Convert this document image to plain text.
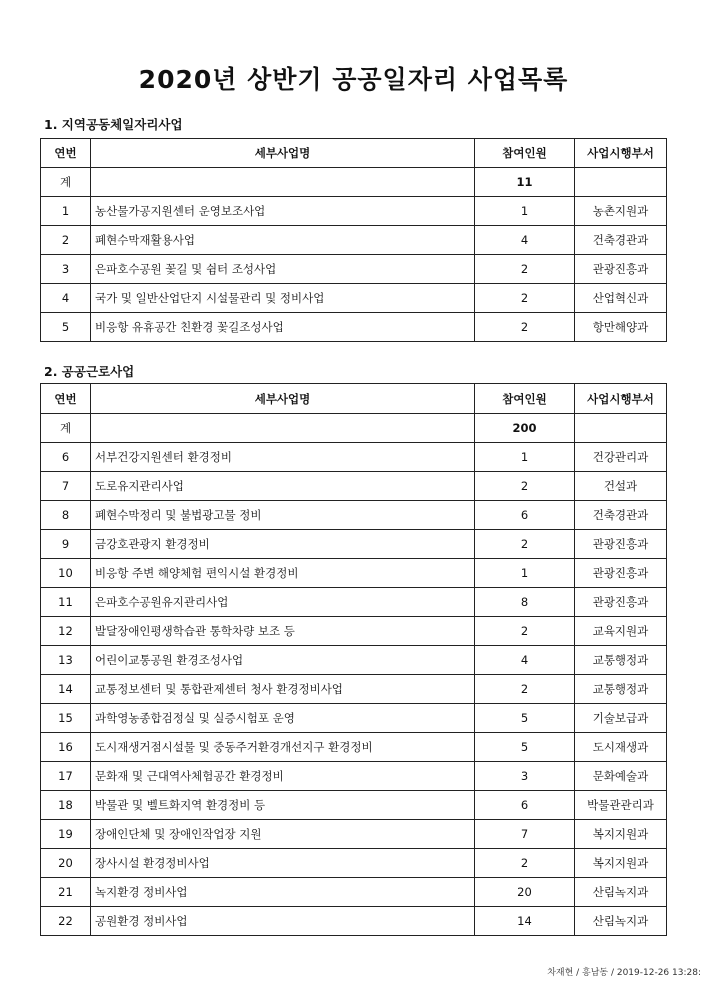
2020년 상반기 공공일자리 사업목록
1. 지역공동체일자리사업
연번	세부사업명	참여인원	사업시행부서
계		11	
1	농산물가공지원센터 운영보조사업	1	농촌지원과
2	폐현수막재활용사업	4	건축경관과
3	은파호수공원 꽃길 및 쉼터 조성사업	2	관광진흥과
4	국가 및 일반산업단지 시설물관리 및 정비사업	2	산업혁신과
5	비응항 유휴공간 친환경 꽃길조성사업	2	항만해양과
2. 공공근로사업
연번	세부사업명	참여인원	사업시행부서
계		200	
6	서부건강지원센터 환경정비	1	건강관리과
7	도로유지관리사업	2	건설과
8	폐현수막정리 및 불법광고물 정비	6	건축경관과
9	금강호관광지 환경정비	2	관광진흥과
10	비응항 주변 해양체험 편익시설 환경정비	1	관광진흥과
11	은파호수공원유지관리사업	8	관광진흥과
12	발달장애인평생학습관 통학차량 보조 등	2	교육지원과
13	어린이교통공원 환경조성사업	4	교통행정과
14	교통정보센터 및 통합관제센터 청사 환경정비사업	2	교통행정과
15	과학영농종합검정실 및 실증시험포 운영	5	기술보급과
16	도시재생거점시설물 및 중동주거환경개선지구 환경정비	5	도시재생과
17	문화재 및 근대역사체험공간 환경정비	3	문화예술과
18	박물관 및 벨트화지역 환경정비 등	6	박물관관리과
19	장애인단체 및 장애인작업장 지원	7	복지지원과
20	장사시설 환경정비사업	2	복지지원과
21	녹지환경 정비사업	20	산림녹지과
22	공원환경 정비사업	14	산림녹지과
차재현 / 흥남동 / 2019-12-26 13:28:
